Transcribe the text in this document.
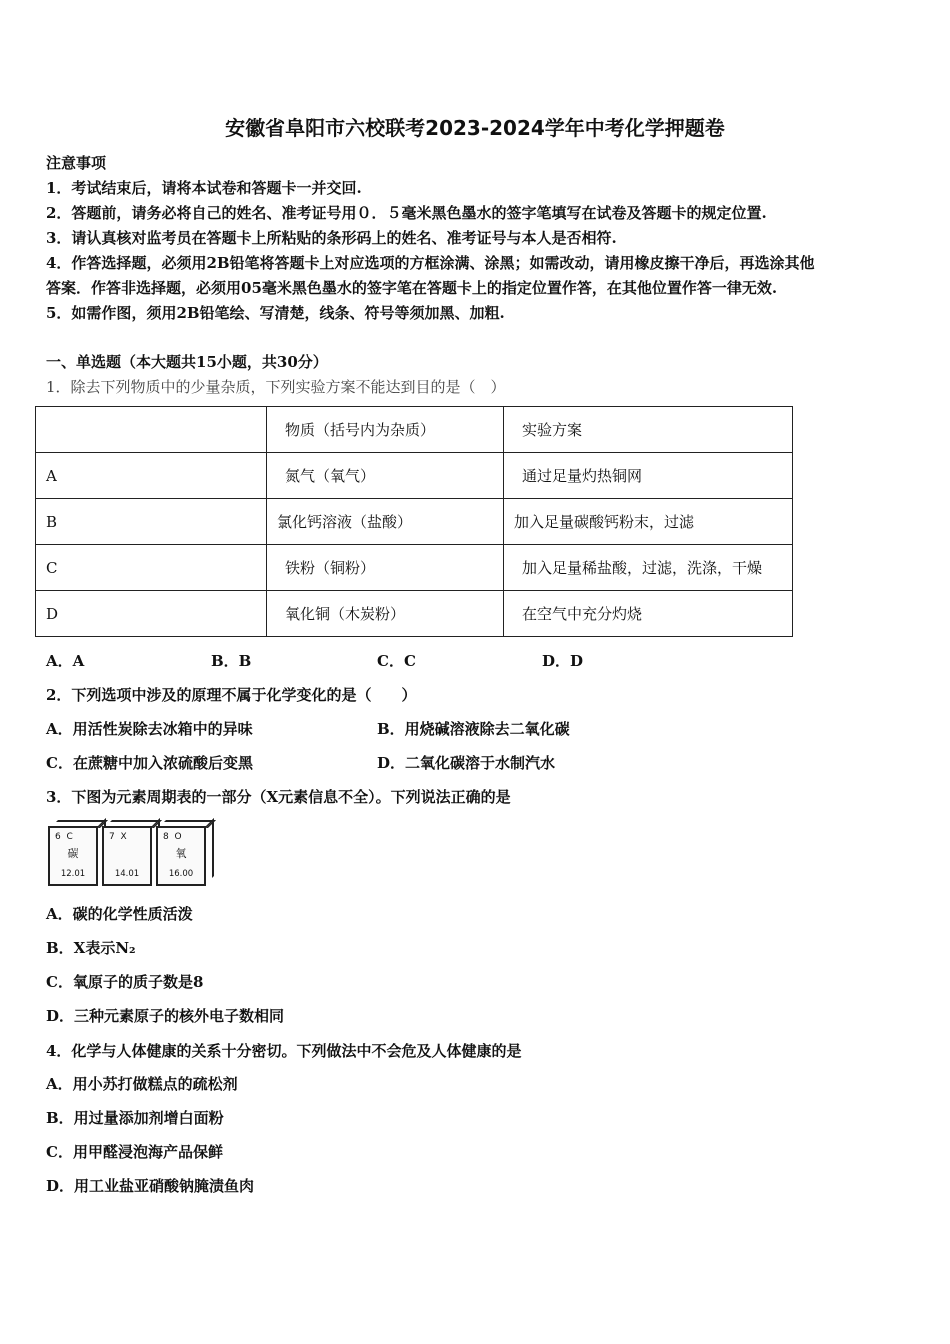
安徽省阜阳市六校联考2023-2024学年中考化学押题卷
注意事项
1．考试结束后，请将本试卷和答题卡一并交回.
2．答题前，请务必将自己的姓名、准考证号用０．５毫米黑色墨水的签字笔填写在试卷及答题卡的规定位置.
3．请认真核对监考员在答题卡上所粘贴的条形码上的姓名、准考证号与本人是否相符.
4．作答选择题，必须用2B铅笔将答题卡上对应选项的方框涂满、涂黑；如需改动，请用橡皮擦干净后，再选涂其他
答案．作答非选择题，必须用05毫米黑色墨水的签字笔在答题卡上的指定位置作答，在其他位置作答一律无效.
5．如需作图，须用2B铅笔绘、写清楚，线条、符号等须加黑、加粗.
一、单选题（本大题共15小题，共30分）
1．除去下列物质中的少量杂质，下列实验方案不能达到目的是（　）
	物质（括号内为杂质）	实验方案
A	氮气（氧气）	通过足量灼热铜网
B	氯化钙溶液（盐酸）	加入足量碳酸钙粉末，过滤
C	铁粉（铜粉）	加入足量稀盐酸，过滤，洗涤，干燥
D	氧化铜（木炭粉）	在空气中充分灼烧
A．A	B．B	C．C	D．D
2．下列选项中涉及的原理不属于化学变化的是（　　）
A．用活性炭除去冰箱中的异味	B．用烧碱溶液除去二氧化碳
C．在蔗糖中加入浓硫酸后变黑	D．二氧化碳溶于水制汽水
3．下图为元素周期表的一部分（X元素信息不全）。下列说法正确的是
6 C
碳
12.01
7 X
14.01
8 O
氧
16.00
A．碳的化学性质活泼
B．X表示N₂
C．氧原子的质子数是8
D．三种元素原子的核外电子数相同
4．化学与人体健康的关系十分密切。下列做法中不会危及人体健康的是
A．用小苏打做糕点的疏松剂
B．用过量添加剂增白面粉
C．用甲醛浸泡海产品保鲜
D．用工业盐亚硝酸钠腌渍鱼肉
